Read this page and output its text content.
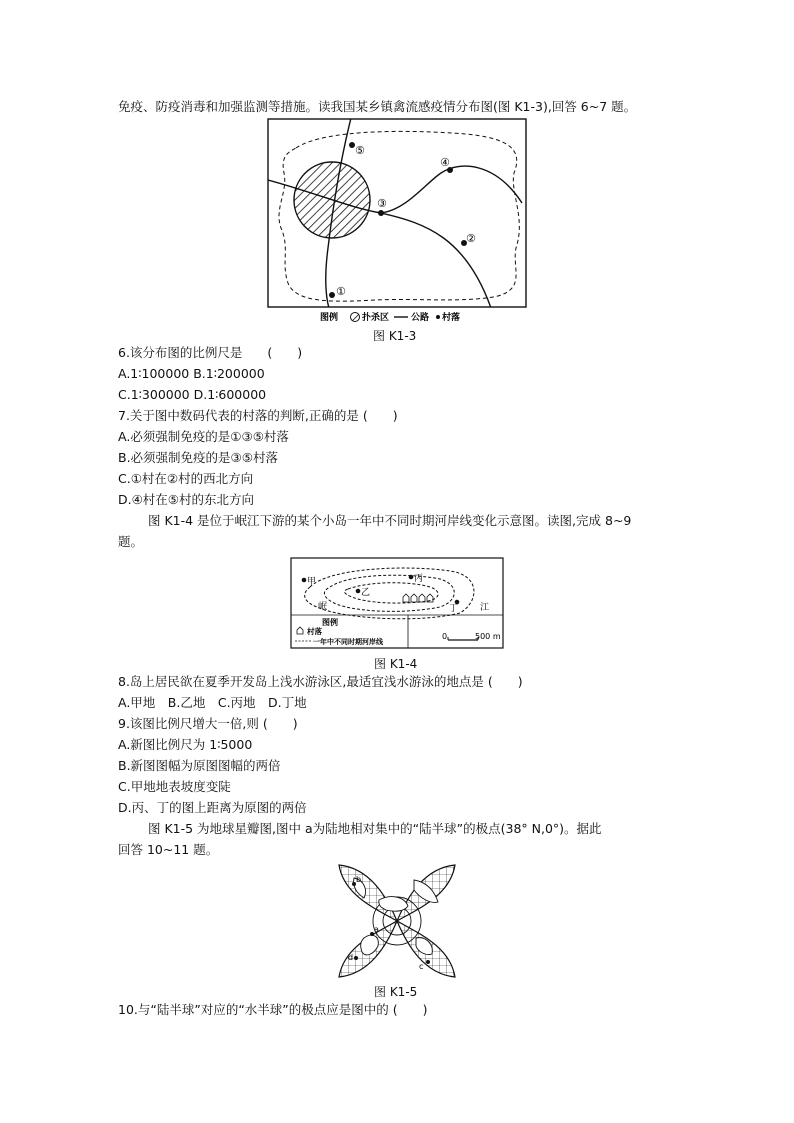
免疫、防疫消毒和加强监测等措施。读我国某乡镇禽流感疫情分布图(图 K1-3),回答 6~7 题。
⑤
④
③
②
①
图例	扑杀区 公路 村落
图 K1-3
6.该分布图的比例尺是　　(　　)
A.1∶100000 B.1∶200000
C.1∶300000 D.1∶600000
7.关于图中数码代表的村落的判断,正确的是 (　　)
A.必须强制免疫的是①③⑤村落
B.必须强制免疫的是③⑤村落
C.①村在②村的西北方向
D.④村在⑤村的东北方向
图 K1-4 是位于岷江下游的某个小岛一年中不同时期河岸线变化示意图。读图,完成 8~9
题。
甲
乙
丙
丁
岷	江
图例
村落
一年中不同时期河岸线
0	500 m
图 K1-4
8.岛上居民欲在夏季开发岛上浅水游泳区,最适宜浅水游泳的地点是 (　　)
A.甲地　B.乙地　C.丙地　D.丁地
9.该图比例尺增大一倍,则 (　　)
A.新图比例尺为 1∶5000
B.新图图幅为原图图幅的两倍
C.甲地地表坡度变陡
D.丙、丁的图上距离为原图的两倍
图 K1-5 为地球星瓣图,图中 a为陆地相对集中的“陆半球”的极点(38° N,0°)。据此
回答 10~11 题。
b
a
d
c
图 K1-5
10.与“陆半球”对应的“水半球”的极点应是图中的 (　　)
